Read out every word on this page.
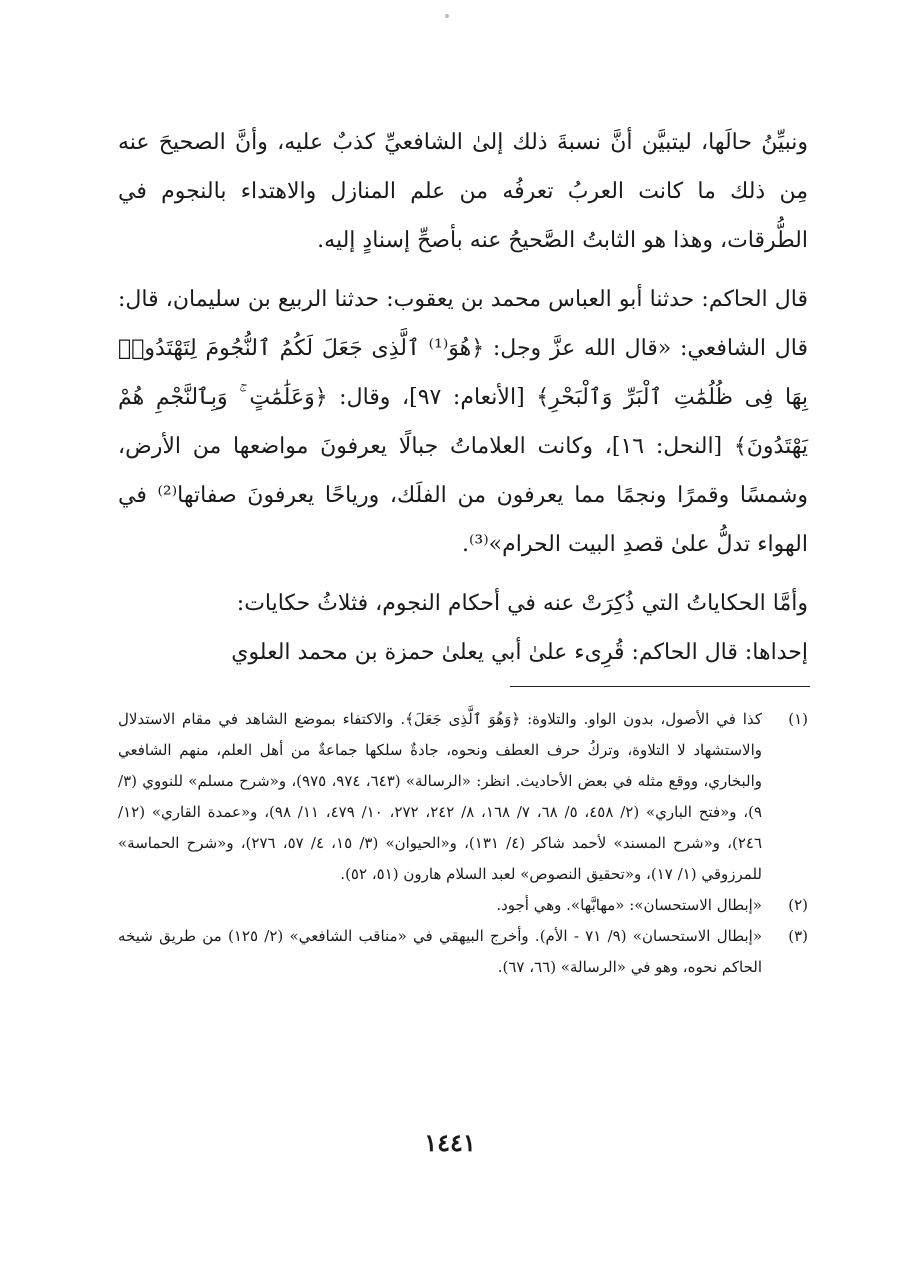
ونبيِّنُ حالَها، ليتبيَّن أنَّ نسبةَ ذلك إلىٰ الشافعيِّ كذبٌ عليه، وأنَّ الصحيحَ عنه مِن ذلك ما كانت العربُ تعرفُه من علم المنازل والاهتداء بالنجوم في الطُّرقات، وهذا هو الثابتُ الصَّحيحُ عنه بأصحِّ إسنادٍ إليه.

قال الحاكم: حدثنا أبو العباس محمد بن يعقوب: حدثنا الربيع بن سليمان، قال: قال الشافعي: «قال الله عزَّ وجل: ﴿هُوَ⁽¹⁾ ٱلَّذِى جَعَلَ لَكُمُ ٱلنُّجُومَ لِتَهْتَدُوا۟ بِهَا فِى ظُلُمَٰتِ ٱلْبَرِّ وَٱلْبَحْرِ﴾ [الأنعام: ٩٧]، وقال: ﴿وَعَلَٰمَٰتٍ ۚ وَبِٱلنَّجْمِ هُمْ يَهْتَدُونَ﴾ [النحل: ١٦]، وكانت العلاماتُ جبالًا يعرفونَ مواضعها من الأرض، وشمسًا وقمرًا ونجمًا مما يعرفون من الفلَك، ورياحًا يعرفونَ صفاتها⁽²⁾ في الهواء تدلُّ علىٰ قصدِ البيت الحرام»⁽³⁾.

وأمَّا الحكاياتُ التي ذُكِرَتْ عنه في أحكام النجوم، فثلاثُ حكايات:

إحداها: قال الحاكم: قُرِىء علىٰ أبي يعلىٰ حمزة بن محمد العلوي

(١)
كذا في الأصول، بدون الواو. والتلاوة: ﴿وَهُوَ ٱلَّذِى جَعَلَ﴾. والاكتفاء بموضع الشاهد في مقام الاستدلال والاستشهاد لا التلاوة، وتركُ حرف العطف ونحوه، جادةٌ سلكها جماعةٌ من أهل العلم، منهم الشافعي والبخاري، ووقع مثله في بعض الأحاديث. انظر: «الرسالة» (٦٤٣، ٩٧٤، ٩٧٥)، و«شرح مسلم» للنووي (٣/ ٩)، و«فتح الباري» (٢/ ٤٥٨، ٥/ ٦٨، ٧/ ١٦٨، ٨/ ٢٤٢، ٢٧٢، ١٠/ ٤٧٩، ١١/ ٩٨)، و«عمدة القاري» (١٢/ ٢٤٦)، و«شرح المسند» لأحمد شاكر (٤/ ١٣١)، و«الحيوان» (٣/ ١٥، ٤/ ٥٧، ٢٧٦)، و«شرح الحماسة» للمرزوقي (١/ ١٧)، و«تحقيق النصوص» لعبد السلام هارون (٥١، ٥٢).
(٢)
«إبطال الاستحسان»: «مهابَّها». وهي أجود.
(٣)
«إبطال الاستحسان» (٩/ ٧١ - الأم). وأخرج البيهقي في «مناقب الشافعي» (٢/ ١٢٥) من طريق شيخه الحاكم نحوه، وهو في «الرسالة» (٦٦، ٦٧).
١٤٤١
